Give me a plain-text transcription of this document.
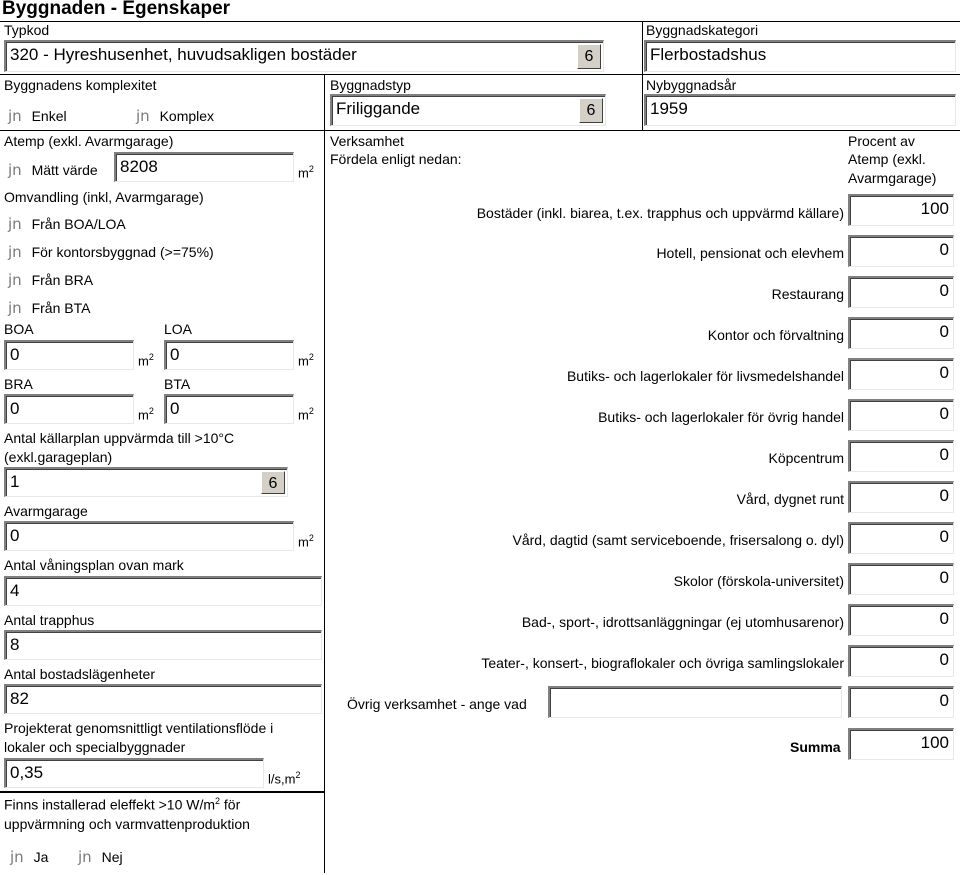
Byggnaden - Egenskaper
Typkod
320 - Hyreshusenhet, huvudsakligen bostäder	6
Byggnadskategori
Flerbostadshus
Byggnadens komplexitet
jn Enkel	jn Komplex
Byggnadstyp
Friliggande	6
Nybyggnadsår
1959
Atemp (exkl. Avarmgarage)
jn Mätt värde	8208	$m^2$
Omvandling (inkl, Avarmgarage)
jn Från BOA/LOA
jn För kontorsbyggnad (>=75%)
jn Från BRA
jn Från BTA
BOA
0	$m^2$
LOA
0	$m^2$
BRA
0	$m^2$
BTA
0	$m^2$
Antal källarplan uppvärmda till >10°C
(exkl.garageplan)
1	6
Avarmgarage
0	$m^2$
Antal våningsplan ovan mark
4
Antal trapphus
8
Antal bostadslägenheter
82
Projekterat genomsnittligt ventilationsflöde i
lokaler och specialbyggnader
0,35	$l/s,m^2$
Finns installerad eleffekt >10 $W/m^2$ för
uppvärmning och varmvattenproduktion
jn Ja jn Nej
Verksamhet
Fördela enligt nedan:
Procent av
Atemp (exkl.
Avarmgarage)
Bostäder (inkl. biarea, t.ex. trapphus och uppvärmd källare)	100
Hotell, pensionat och elevhem	0
Restaurang	0
Kontor och förvaltning	0
Butiks- och lagerlokaler för livsmedelshandel	0
Butiks- och lagerlokaler för övrig handel	0
Köpcentrum	0
Vård, dygnet runt	0
Vård, dagtid (samt serviceboende, frisersalong o. dyl)	0
Skolor (förskola-universitet)	0
Bad-, sport-, idrottsanläggningar (ej utomhusarenor)	0
Teater-, konsert-, biograflokaler och övriga samlingslokaler	0
Övrig verksamhet - ange vad	0
Summa	100
